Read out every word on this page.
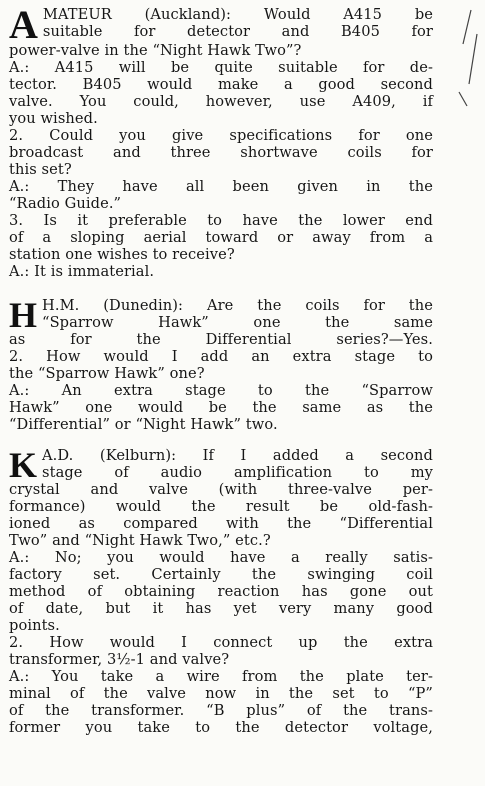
A MATEUR (Auckland): Would A415 be
suitable for detector and B405 for
power-valve in the “Night Hawk Two”?
A.: A415 will be quite suitable for de-
tector. B405 would make a good second
valve. You could, however, use A409, if
you wished.
2. Could you give specifications for one
broadcast and three shortwave coils for
this set?
A.: They have all been given in the
“Radio Guide.”
3. Is it preferable to have the lower end
of a sloping aerial toward or away from a
station one wishes to receive?
A.: It is immaterial.
H H.M. (Dunedin): Are the coils for the
“Sparrow Hawk” one the same
as for the Differential series?—Yes.
2. How would I add an extra stage to
the “Sparrow Hawk” one?
A.: An extra stage to the “Sparrow
Hawk” one would be the same as the
“Differential” or “Night Hawk” two.
K A.D. (Kelburn): If I added a second
stage of audio amplification to my
crystal and valve (with three-valve per-
formance) would the result be old-fash-
ioned as compared with the “Differential
Two” and “Night Hawk Two,” etc.?
A.: No; you would have a really satis-
factory set. Certainly the swinging coil
method of obtaining reaction has gone out
of date, but it has yet very many good
points.
2. How would I connect up the extra
transformer, 3½-1 and valve?
A.: You take a wire from the plate ter-
minal of the valve now in the set to “P”
of the transformer. “B plus” of the trans-
former you take to the detector voltage,
